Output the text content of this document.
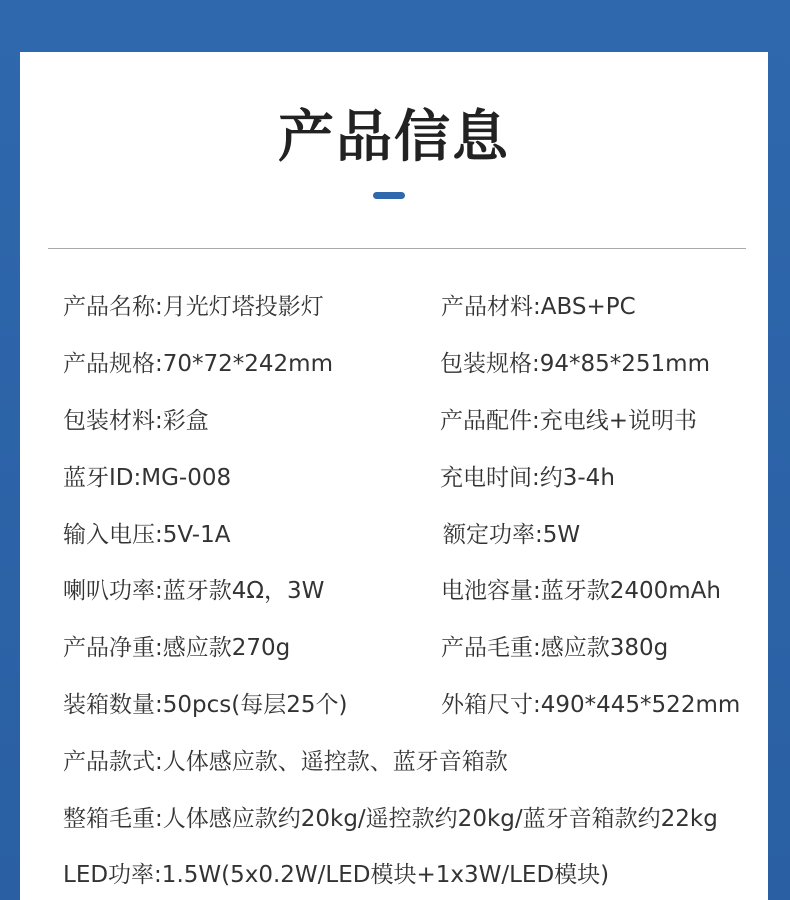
产品信息
产品名称:月光灯塔投影灯	产品材料:ABS+PC
产品规格:70*72*242mm	包装规格:94*85*251mm
包装材料:彩盒	产品配件:充电线+说明书
蓝牙ID:MG-008	充电时间:约3-4h
输入电压:5V-1A	额定功率:5W
喇叭功率:蓝牙款4Ω，3W	电池容量:蓝牙款2400mAh
产品净重:感应款270g	产品毛重:感应款380g
装箱数量:50pcs(每层25个)	外箱尺寸:490*445*522mm
产品款式:人体感应款、遥控款、蓝牙音箱款
整箱毛重:人体感应款约20kg/遥控款约20kg/蓝牙音箱款约22kg
LED功率:1.5W(5x0.2W/LED模块+1x3W/LED模块)
